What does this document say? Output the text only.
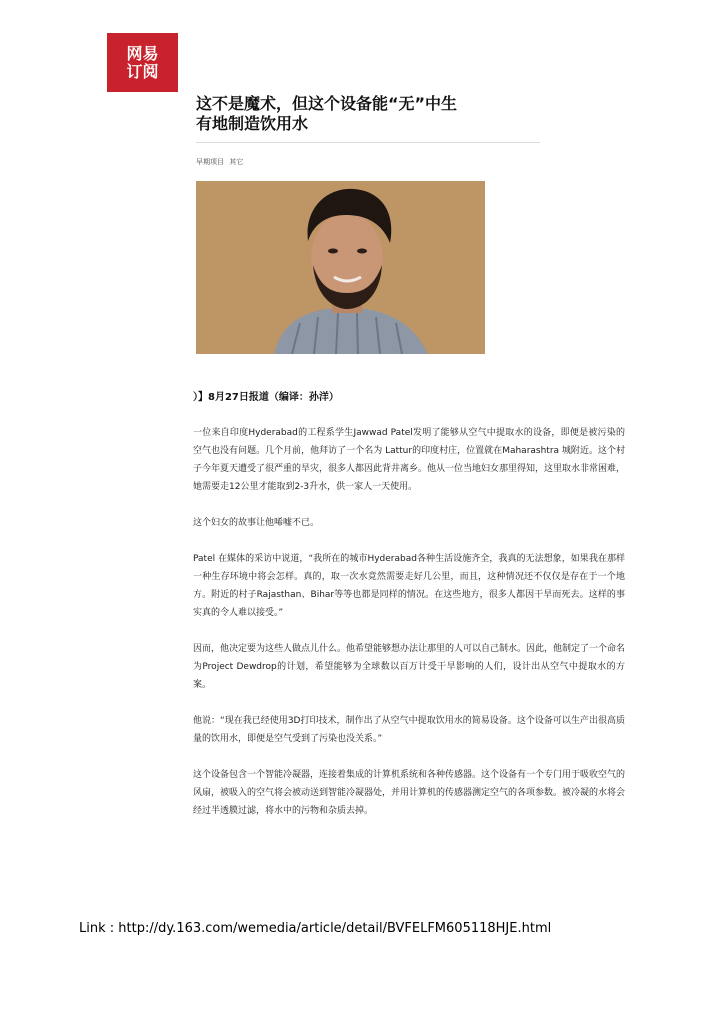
网易
订阅
这不是魔术，但这个设备能“无”中生
有地制造饮用水
早期项目 其它
）】8月27日报道（编译：孙洋）

一位来自印度Hyderabad的工程系学生Jawwad Patel发明了能够从空气中提取水的设备，即便是被污染的空气也没有问题。几个月前，他拜访了一个名为 Lattur的印度村庄，位置就在Maharashtra 城附近。这个村子今年夏天遭受了很严重的旱灾，很多人都因此背井离乡。他从一位当地妇女那里得知，这里取水非常困难，她需要走12公里才能取到2-3升水，供一家人一天使用。

这个妇女的故事让他唏嘘不已。

Patel 在媒体的采访中说道，“我所在的城市Hyderabad各种生活设施齐全，我真的无法想象，如果我在那样一种生存环境中将会怎样。真的，取一次水竟然需要走好几公里，而且，这种情况还不仅仅是存在于一个地方。附近的村子Rajasthan、Bihar等等也都是同样的情况。在这些地方，很多人都因干旱而死去。这样的事实真的令人难以接受。”

因而，他决定要为这些人做点儿什么。他希望能够想办法让那里的人可以自己制水。因此，他制定了一个命名为Project Dewdrop的计划，希望能够为全球数以百万计受干旱影响的人们，设计出从空气中提取水的方案。

他说：“现在我已经使用3D打印技术，制作出了从空气中提取饮用水的简易设备。这个设备可以生产出很高质量的饮用水，即便是空气受到了污染也没关系。”

这个设备包含一个智能冷凝器，连接着集成的计算机系统和各种传感器。这个设备有一个专门用于吸收空气的风扇，被吸入的空气将会被动送到智能冷凝器处，并用计算机的传感器测定空气的各项参数。被冷凝的水将会经过半透膜过滤，将水中的污物和杂质去掉。

Link : http://dy.163.com/wemedia/article/detail/BVFELFM605118HJE.html
